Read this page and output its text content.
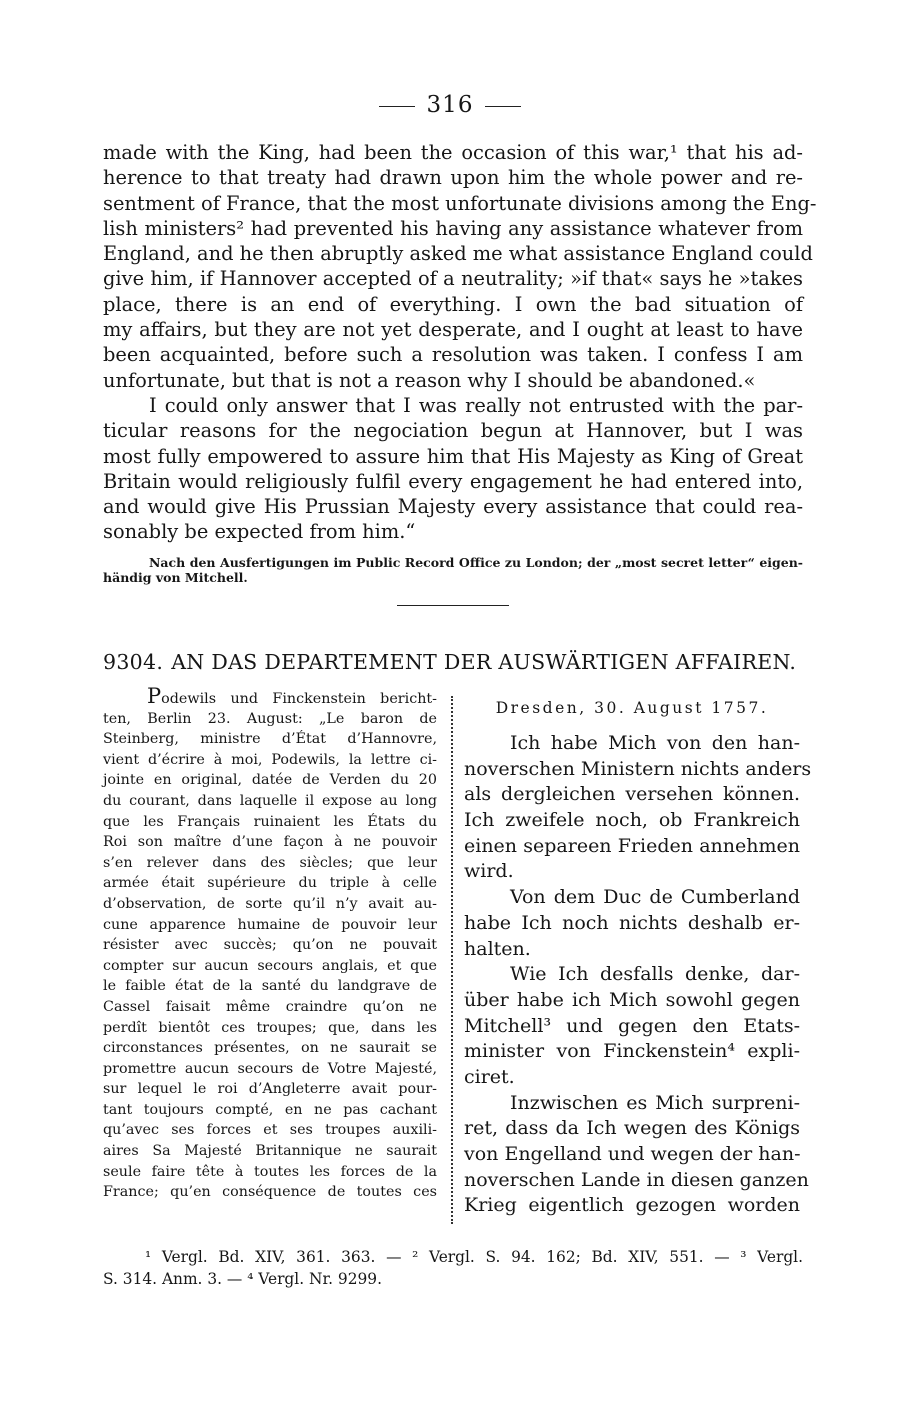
316
made with the King, had been the occasion of this war,¹ that his ad-
herence to that treaty had drawn upon him the whole power and re-
sentment of France, that the most unfortunate divisions among the Eng-
lish ministers² had prevented his having any assistance whatever from
England, and he then abruptly asked me what assistance England could
give him, if Hannover accepted of a neutrality; »if that« says he »takes
place, there is an end of everything. I own the bad situation of
my affairs, but they are not yet desperate, and I ought at least to have
been acquainted, before such a resolution was taken. I confess I am
unfortunate, but that is not a reason why I should be abandoned.«
I could only answer that I was really not entrusted with the par-
ticular reasons for the negociation begun at Hannover, but I was
most fully empowered to assure him that His Majesty as King of Great
Britain would religiously fulfil every engagement he had entered into,
and would give His Prussian Majesty every assistance that could rea-
sonably be expected from him.“
Nach den Ausfertigungen im Public Record Office zu London; der „most secret letter“ eigen-
händig von Mitchell.
9304. AN DAS DEPARTEMENT DER AUSWÄRTIGEN AFFAIREN.
Podewils und Finckenstein bericht-
ten, Berlin 23. August: „Le baron de
Steinberg, ministre d’État d’Hannovre,
vient d’écrire à moi, Podewils, la lettre ci-
jointe en original, datée de Verden du 20
du courant, dans laquelle il expose au long
que les Français ruinaient les États du
Roi son maître d’une façon à ne pouvoir
s’en relever dans des siècles; que leur
armée était supérieure du triple à celle
d’observation, de sorte qu’il n’y avait au-
cune apparence humaine de pouvoir leur
résister avec succès; qu’on ne pouvait
compter sur aucun secours anglais, et que
le faible état de la santé du landgrave de
Cassel faisait même craindre qu’on ne
perdît bientôt ces troupes; que, dans les
circonstances présentes, on ne saurait se
promettre aucun secours de Votre Majesté,
sur lequel le roi d’Angleterre avait pour-
tant toujours compté, en ne pas cachant
qu’avec ses forces et ses troupes auxili-
aires Sa Majesté Britannique ne saurait
seule faire tête à toutes les forces de la
France; qu’en conséquence de toutes ces
Dresden, 30. August 1757.
Ich habe Mich von den han-
noverschen Ministern nichts anders
als dergleichen versehen können.
Ich zweifele noch, ob Frankreich
einen separeen Frieden annehmen
wird.
Von dem Duc de Cumberland
habe Ich noch nichts deshalb er-
halten.
Wie Ich desfalls denke, dar-
über habe ich Mich sowohl gegen
Mitchell³ und gegen den Etats-
minister von Finckenstein⁴ expli-
ciret.
Inzwischen es Mich surpreni-
ret, dass da Ich wegen des Königs
von Engelland und wegen der han-
noverschen Lande in diesen ganzen
Krieg eigentlich gezogen worden
¹ Vergl. Bd. XIV, 361. 363. — ² Vergl. S. 94. 162; Bd. XIV, 551. — ³ Vergl.
S. 314. Anm. 3. — ⁴ Vergl. Nr. 9299.
